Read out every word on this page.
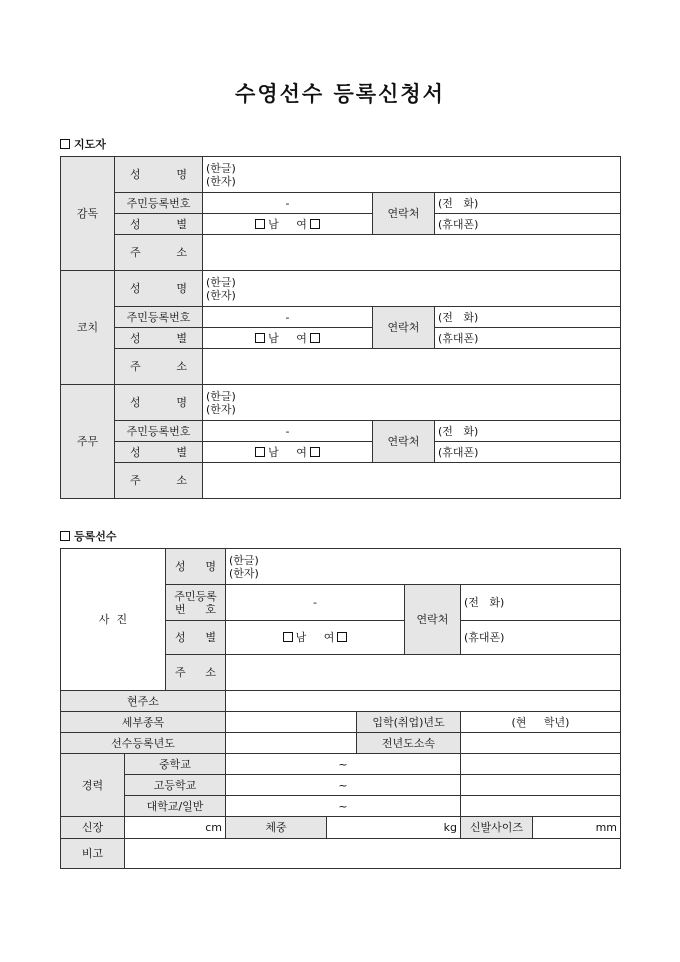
수영선수 등록신청서
지도자
감독	성 명	(한글)
(한자)		

	주민등록번호	-	연락처	(전 화)

	성 별	남 여		(휴대폰)

	주 소			

코치	성 명	(한글)
(한자)		

	주민등록번호	-	연락처	(전 화)

	성 별	남 여		(휴대폰)

	주 소			

주무	성 명	(한글)
(한자)		

	주민등록번호	-	연락처	(전 화)

	성 별	남 여		(휴대폰)

	주 소			

등록선수
사 진		성 명	(한글)
(한자)					

		주민등록
번 호	-			연락처	(전 화)	

		성 별	남 여				(휴대폰)	

		주 소						

현주소								
세부종목					입학(취업)년도		(현 학년)	
선수등록년도					전년도소속			
경력	중학교		~					
	고등학교		~					
	대학교/일반		~					
신장	cm		체중	kg			신발사이즈	mm
비고								
